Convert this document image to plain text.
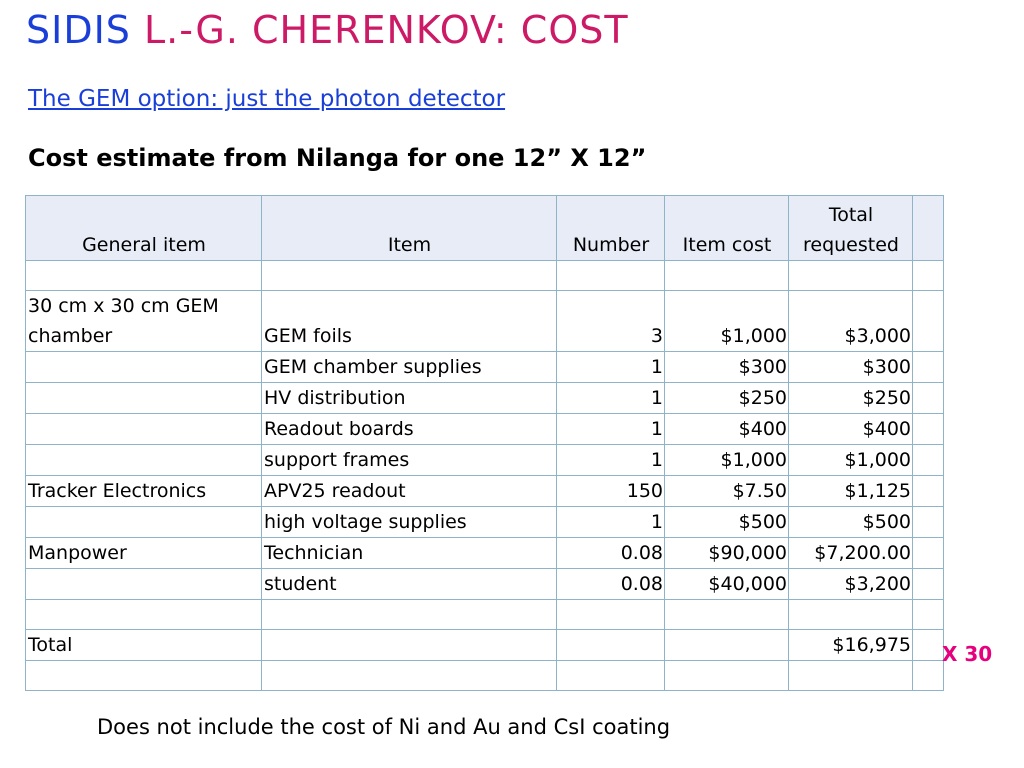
SIDIS L.-G. CHERENKOV: COST
The GEM option: just the photon detector
Cost estimate from Nilanga for one 12” X 12”
General item	Item	Number	Item cost	Total requested	

30 cm x 30 cm GEM chamber	GEM foils	3	$1,000	$3,000	
	GEM chamber supplies	1	$300	$300	
	HV distribution	1	$250	$250	
	Readout boards	1	$400	$400	
	support frames	1	$1,000	$1,000	
Tracker Electronics	APV25 readout	150	$7.50	$1,125	
	high voltage supplies	1	$500	$500	
Manpower	Technician	0.08	$90,000	$7,200.00	
	student	0.08	$40,000	$3,200	

Total				$16,975	
					X 30
Does not include the cost of Ni and Au and CsI coating
